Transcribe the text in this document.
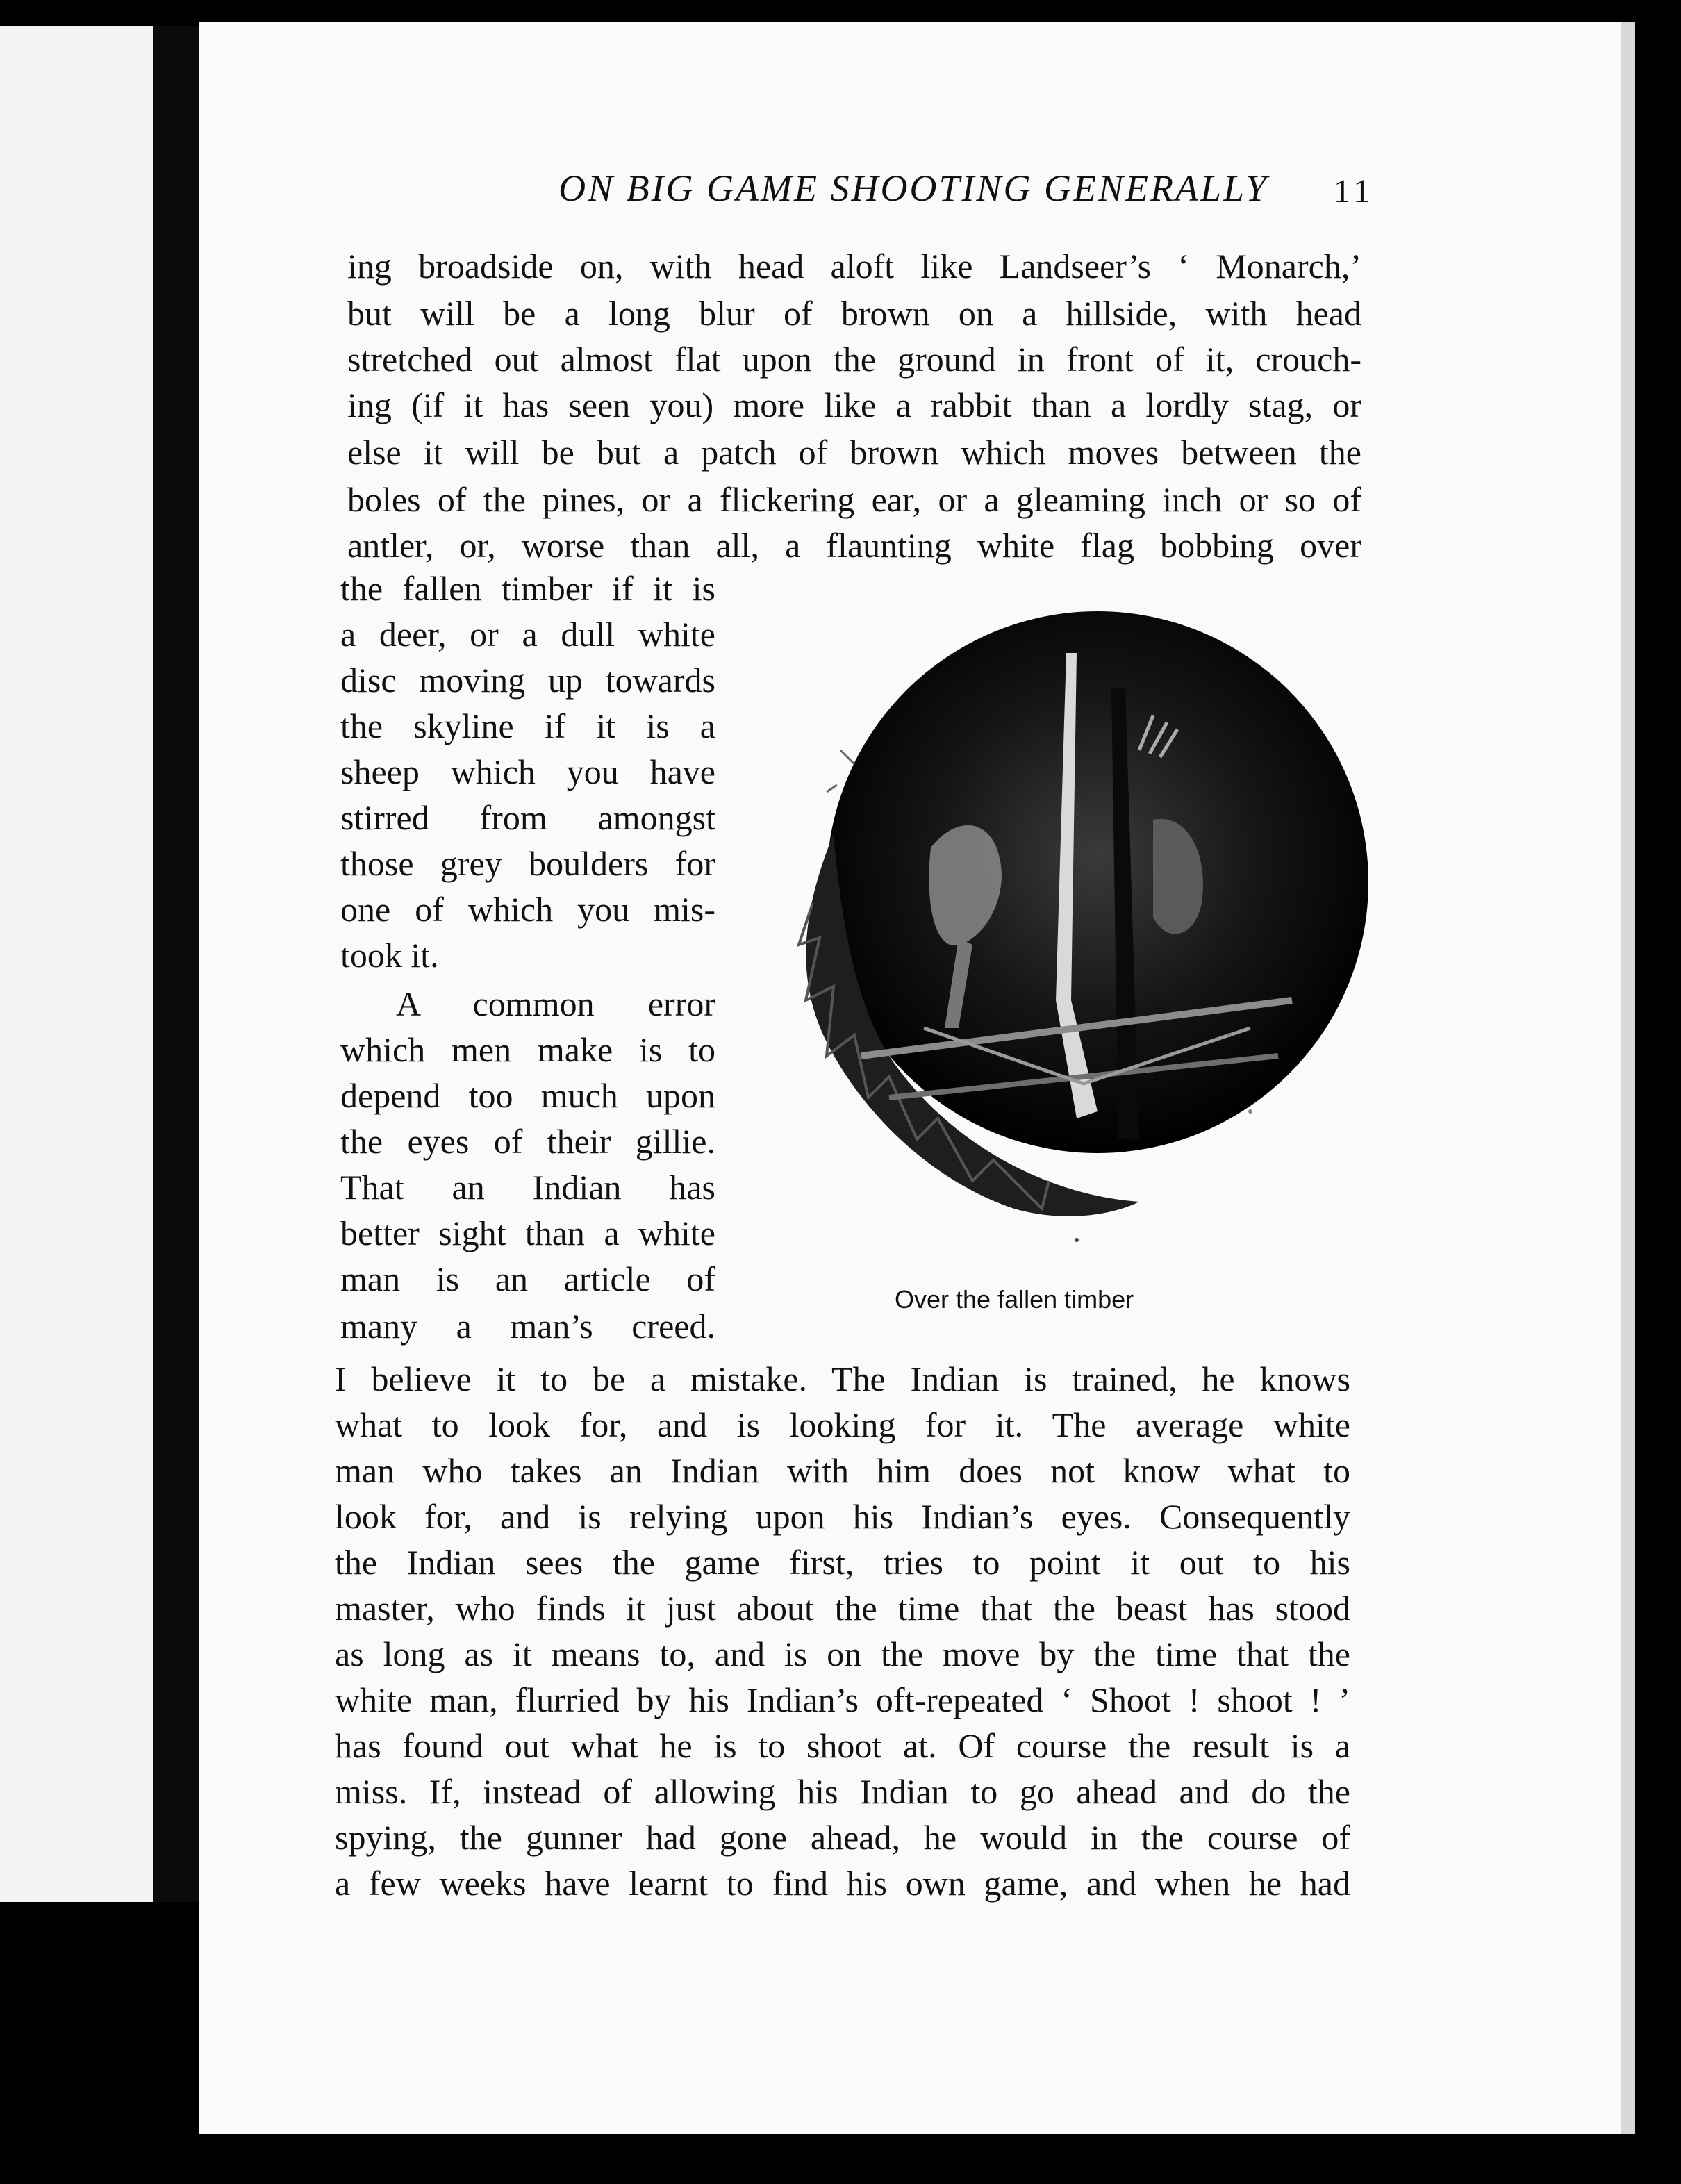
ON BIG GAME SHOOTING GENERALLY 11

ing broadside on, with head aloft like Landseer’s ‘ Monarch,’

but will be a long blur of brown on a hillside, with head

stretched out almost flat upon the ground in front of it, crouch-

ing (if it has seen you) more like a rabbit than a lordly stag, or

else it will be but a patch of brown which moves between the

boles of the pines, or a flickering ear, or a gleaming inch or so of

antler, or, worse than all, a flaunting white flag bobbing over

the fallen timber if it is

a deer, or a dull white

disc moving up towards

the skyline if it is a

sheep which you have

stirred from amongst

those grey boulders for

one of which you mis-

took it.

A common error

which men make is to

depend too much upon

the eyes of their gillie.

That an Indian has

better sight than a white

man is an article of

many a man’s creed.

Over the fallen timber

I believe it to be a mistake. The Indian is trained, he knows

what to look for, and is looking for it. The average white

man who takes an Indian with him does not know what to

look for, and is relying upon his Indian’s eyes. Consequently

the Indian sees the game first, tries to point it out to his

master, who finds it just about the time that the beast has stood

as long as it means to, and is on the move by the time that the

white man, flurried by his Indian’s oft-repeated ‘ Shoot ! shoot ! ’

has found out what he is to shoot at. Of course the result is a

miss. If, instead of allowing his Indian to go ahead and do the

spying, the gunner had gone ahead, he would in the course of

a few weeks have learnt to find his own game, and when he had
